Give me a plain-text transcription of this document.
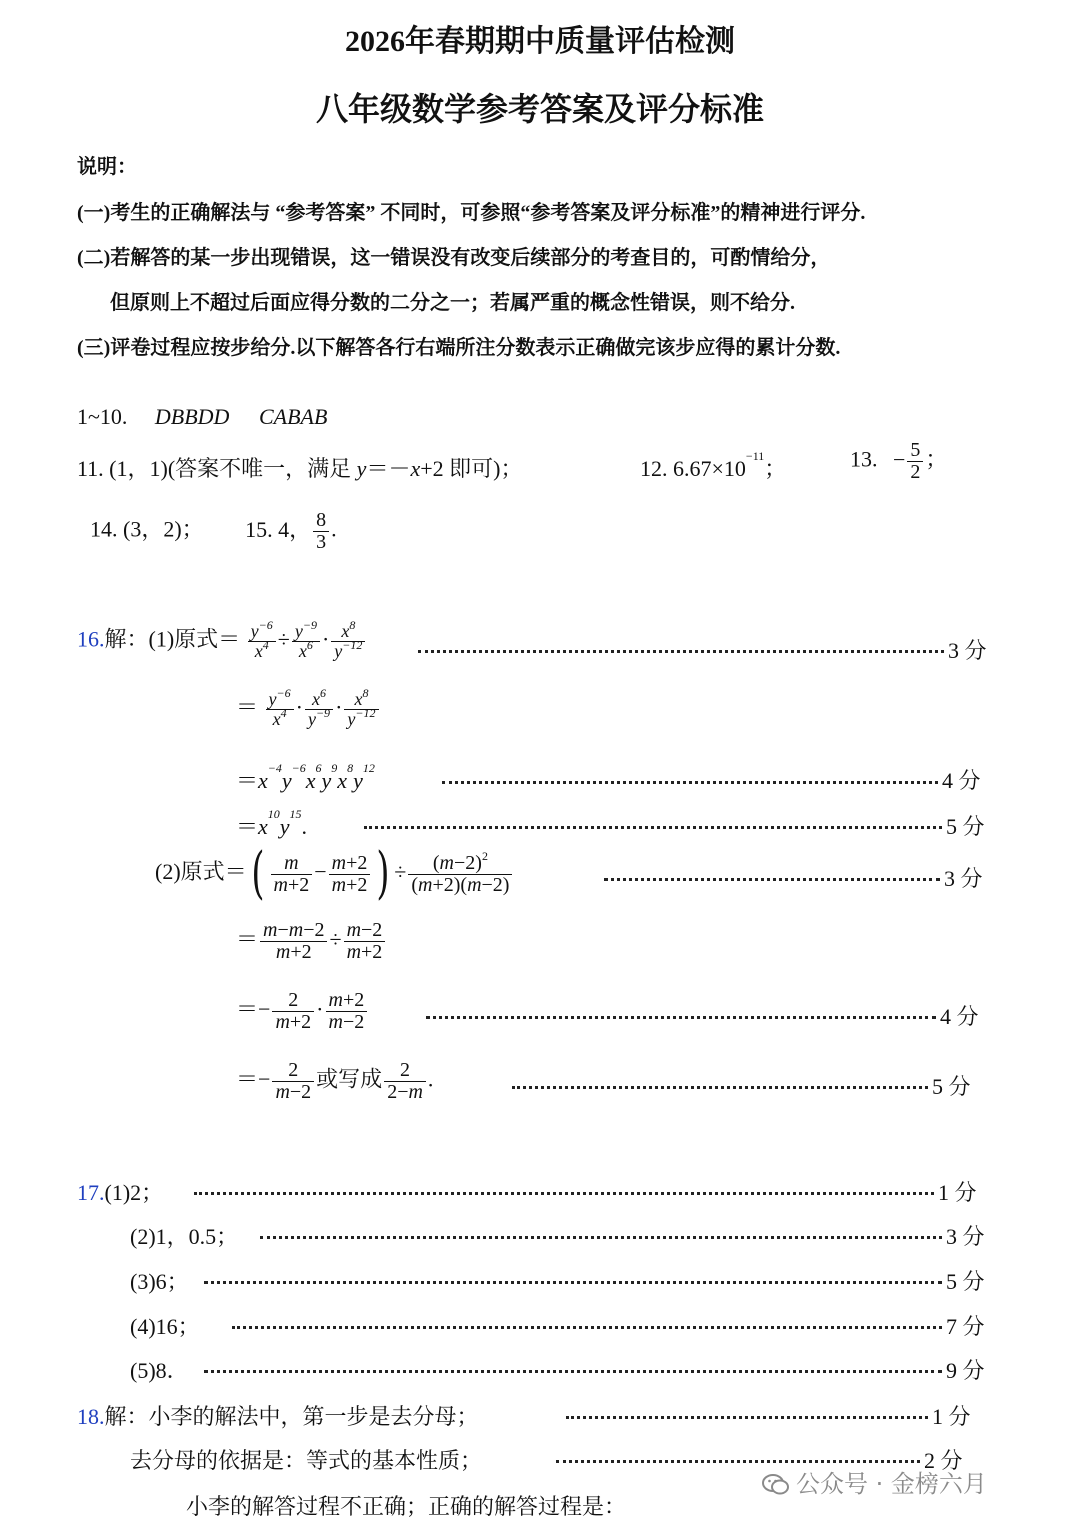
2026年春期期中质量评估检测
八年级数学参考答案及评分标准
说明：
(一)考生的正确解法与 “参考答案” 不同时，可参照“参考答案及评分标准”的精神进行评分.
(二)若解答的某一步出现错误，这一错误没有改变后续部分的考查目的，可酌情给分，
但原则上不超过后面应得分数的二分之一；若属严重的概念性错误，则不给分.
(三)评卷过程应按步给分.以下解答各行右端所注分数表示正确做完该步应得的累计分数.
1~10. DBBDD CABAB
11. (1，1)(答案不唯一，满足 y＝－x+2 即可)；	12. $6.67\times 10^{-11}$；	13. − $\frac{5}{2}$ ；
14. (3，2)； 15. 4， $\frac{8}{3}$ .
16.解：(1)原式＝ $\frac{y^{-6}}{x^4} \div \frac{y^{-9}}{x^6} \cdot \frac{x^8}{y^{-12}}$	3 分
＝ $\frac{y^{-6}}{x^4} \cdot \frac{x^6}{y^{-9}} \cdot \frac{x^8}{y^{-12}}$
$=x^{-4}y^{-6}x^6y^9x^8y^{12}$	4 分
$=x^{10}y^{15}$.	5 分
(2)原式＝( $\frac{m}{m+2} - \frac{m+2}{m+2}$ ) ÷ $\frac{(m-2)^2}{(m+2)(m-2)}$	3 分
＝ $\frac{m-m-2}{m+2} \div \frac{m-2}{m+2}$
＝− $\frac{2}{m+2} \cdot \frac{m+2}{m-2}$	4 分
＝− $\frac{2}{m-2}$ 或写成 $\frac{2}{2-m}$ .	5 分
17.(1)2；	1 分
(2)1，0.5；	3 分
(3)6；	5 分
(4)16；	7 分
(5)8．	9 分
18.解：小李的解法中，第一步是去分母；	1 分
去分母的依据是：等式的基本性质；	2 分
小李的解答过程不正确；正确的解答过程是：
公众号 · 金榜六月
